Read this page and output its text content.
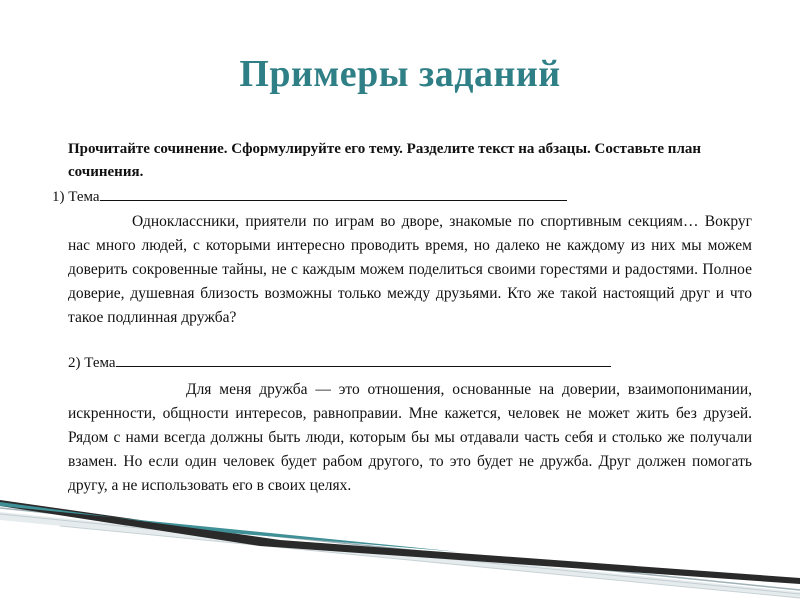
Примеры заданий
Прочитайте сочинение. Сформулируйте его тему. Разделите текст на абзацы. Составьте план сочинения.
1) Тема
Одноклассники, приятели по играм во дворе, знакомые по спортивным секциям… Вокруг нас много людей, с которыми интересно проводить время, но далеко не каждому из них мы можем доверить сокровенные тайны, не с каждым можем поделиться своими горестями и радостями. Полное доверие, душевная близость возможны только между друзьями. Кто же такой настоящий друг и что такое подлинная дружба?
2) Тема
Для меня дружба — это отношения, основанные на доверии, взаимопонимании, искренности, общности интересов, равноправии. Мне кажется, человек не может жить без друзей. Рядом с нами всегда должны быть люди, которым бы мы отдавали часть себя и столько же получали взамен. Но если один человек будет рабом другого, то это будет не дружба. Друг должен помогать другу, а не использовать его в своих целях.
